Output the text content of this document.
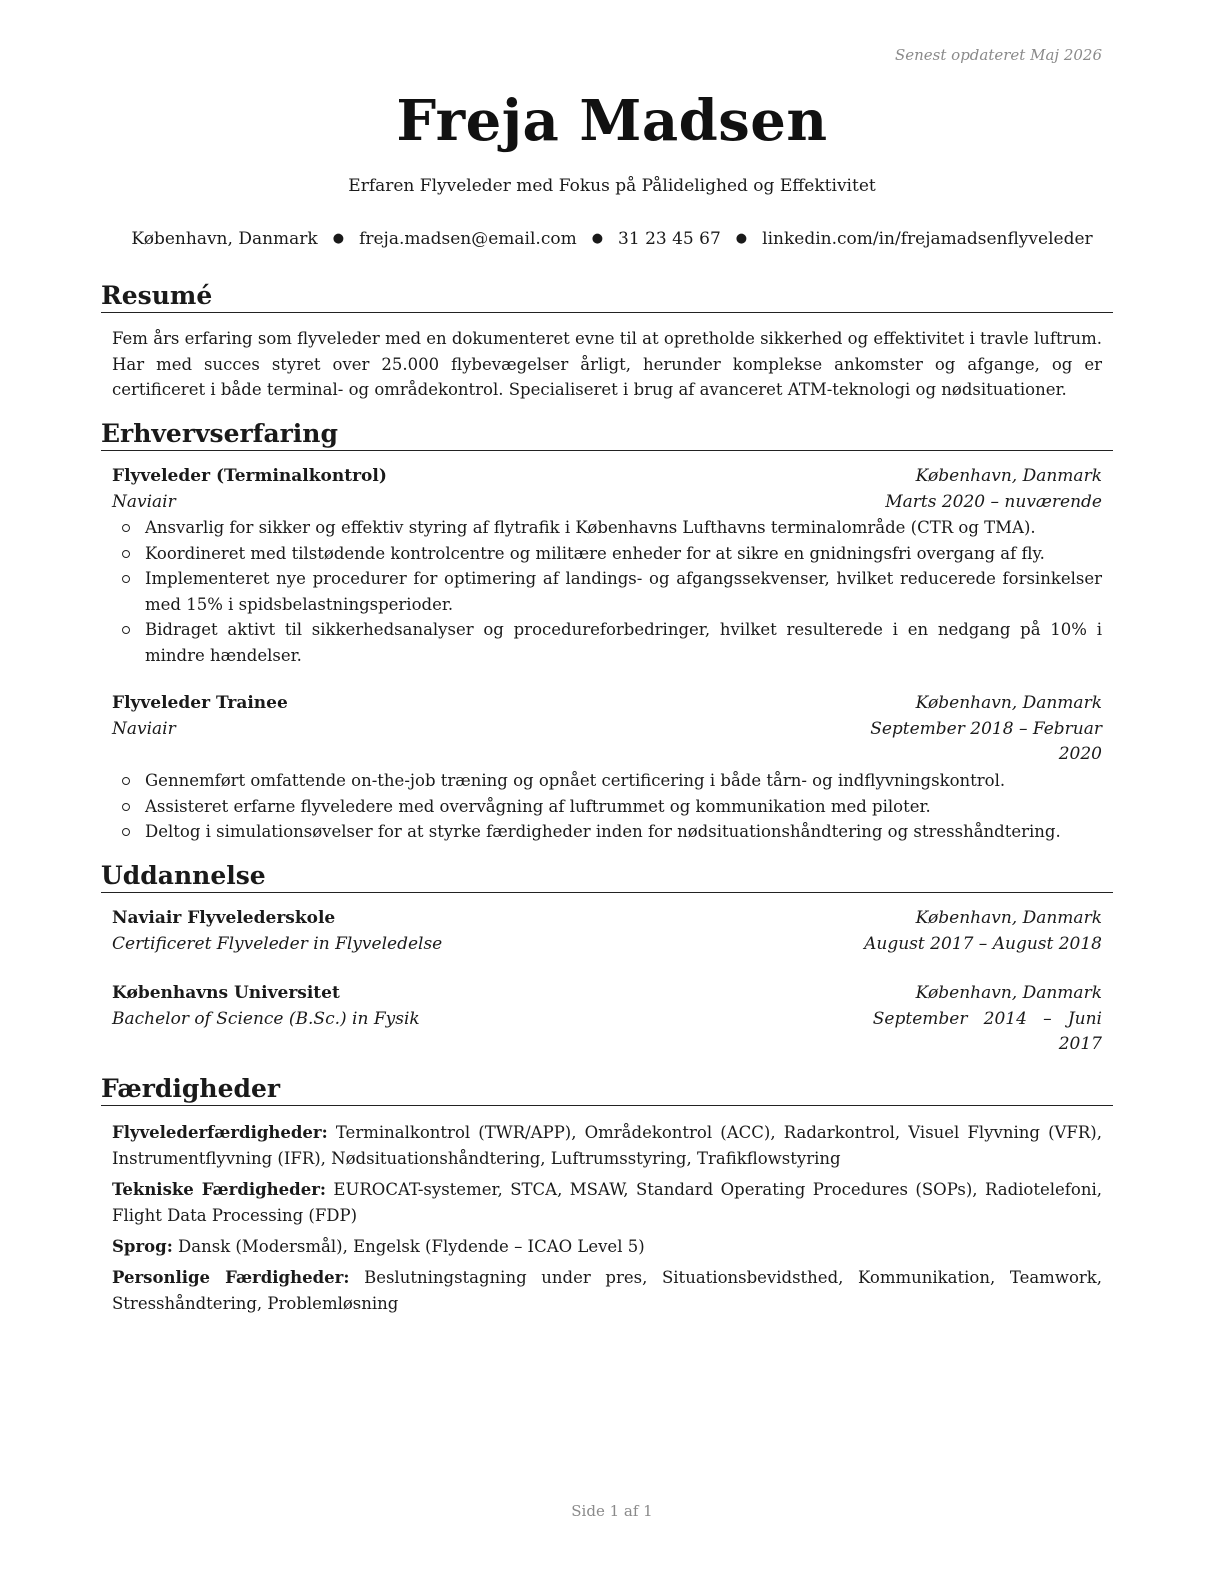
Senest opdateret Maj 2026
Freja Madsen
Erfaren Flyveleder med Fokus på Pålidelighed og Effektivitet
København, Danmark ● freja.madsen@email.com ● 31 23 45 67 ● linkedin.com/in/frejamadsenflyveleder
Resumé
Fem års erfaring som flyveleder med en dokumenteret evne til at opretholde sikkerhed og effektivitet i travle luftrum. Har med succes styret over 25.000 flybevægelser årligt, herunder komplekse ankomster og afgange, og er certificeret i både terminal- og områdekontrol. Specialiseret i brug af avanceret ATM-teknologi og nødsituationer.
Erhvervserfaring
Flyveleder (Terminalkontrol)	København, Danmark
Naviair	Marts 2020 – nuværende
Ansvarlig for sikker og effektiv styring af flytrafik i Københavns Lufthavns terminalområde (CTR og TMA).
Koordineret med tilstødende kontrolcentre og militære enheder for at sikre en gnidningsfri overgang af fly.
Implementeret nye procedurer for optimering af landings- og afgangssekvenser, hvilket reducerede forsinkelser med 15% i spidsbelastningsperioder.
Bidraget aktivt til sikkerhedsanalyser og procedureforbedringer, hvilket resulterede i en nedgang på 10% i mindre hændelser.
Flyveleder Trainee	København, Danmark
Naviair	September 2018 – Februar
2020
Gennemført omfattende on-the-job træning og opnået certificering i både tårn- og indflyvningskontrol.
Assisteret erfarne flyveledere med overvågning af luftrummet og kommunikation med piloter.
Deltog i simulationsøvelser for at styrke færdigheder inden for nødsituationshåndtering og stresshåndtering.
Uddannelse
Naviair Flyvelederskole	København, Danmark
Certificeret Flyveleder in Flyveledelse	August 2017 – August 2018
Københavns Universitet	København, Danmark
Bachelor of Science (B.Sc.) in Fysik	September   2014   –   Juni
2017
Færdigheder
Flyvelederfærdigheder: Terminalkontrol (TWR/APP), Områdekontrol (ACC), Radarkontrol, Visuel Flyvning (VFR), Instrumentflyvning (IFR), Nødsituationshåndtering, Luftrumsstyring, Trafikflowstyring
Tekniske Færdigheder: EUROCAT-systemer, STCA, MSAW, Standard Operating Procedures (SOPs), Radiotelefoni, Flight Data Processing (FDP)
Sprog: Dansk (Modersmål), Engelsk (Flydende – ICAO Level 5)
Personlige Færdigheder: Beslutningstagning under pres, Situationsbevidsthed, Kommunikation, Teamwork, Stresshåndtering, Problemløsning
Side 1 af 1
